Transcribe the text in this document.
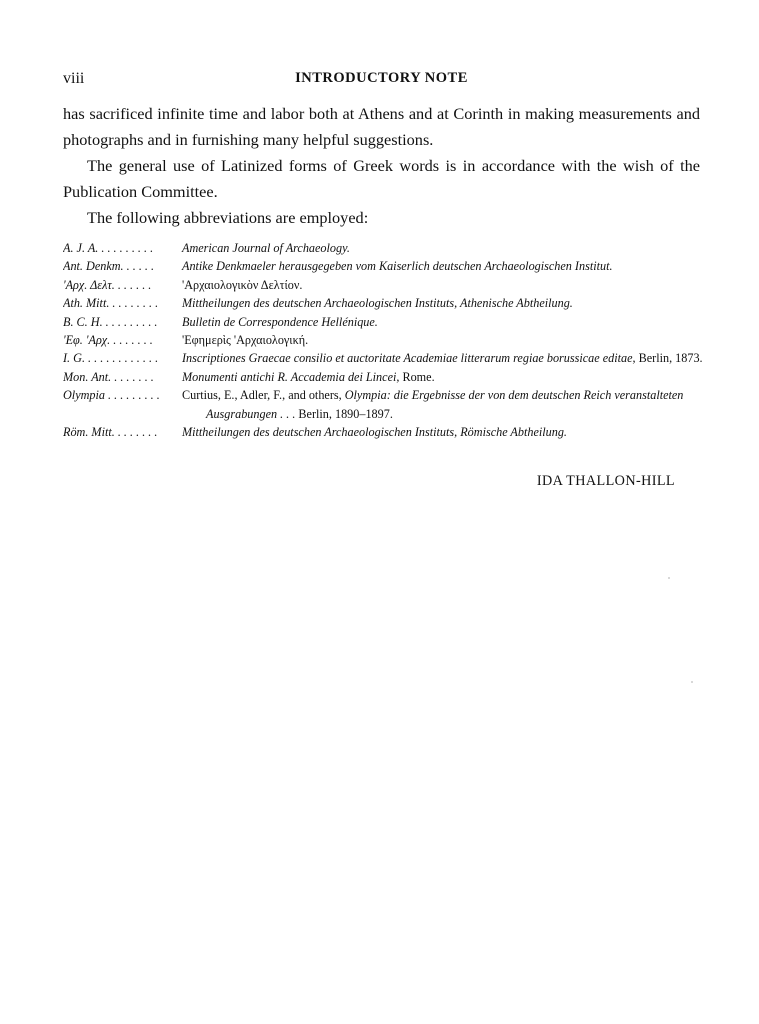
viii	INTRODUCTORY NOTE

has sacrificed infinite time and labor both at Athens and at Corinth in making measurements and photographs and in furnishing many helpful suggestions.

The general use of Latinized forms of Greek words is in accordance with the wish of the Publication Committee.

The following abbreviations are employed:

A. J. A. . . . . . . . . .	American Journal of Archaeology.
Ant. Denkm. . . . . .	Antike Denkmaeler herausgegeben vom Kaiserlich deutschen Archaeologischen Institut.
'Αρχ. Δελτ. . . . . . .	'Αρχαιολογικὸν Δελτίον.
Ath. Mitt. . . . . . . . .	Mittheilungen des deutschen Archaeologischen Instituts, Athenische Abtheilung.
B. C. H. . . . . . . . . .	Bulletin de Correspondence Hellénique.
'Εφ. 'Αρχ. . . . . . . .	'Εφημερὶς 'Αρχαιολογική.
I. G. . . . . . . . . . . . .	Inscriptiones Graecae consilio et auctoritate Academiae litterarum regiae borussicae editae, Berlin, 1873.
Mon. Ant. . . . . . . .	Monumenti antichi R. Accademia dei Lincei, Rome.
Olympia . . . . . . . . .	Curtius, E., Adler, F., and others, Olympia: die Ergebnisse der von dem deutschen Reich veranstalteten Ausgrabungen . . . Berlin, 1890–1897.
Röm. Mitt. . . . . . . .	Mittheilungen des deutschen Archaeologischen Instituts, Römische Abtheilung.
IDA THALLON-HILL
